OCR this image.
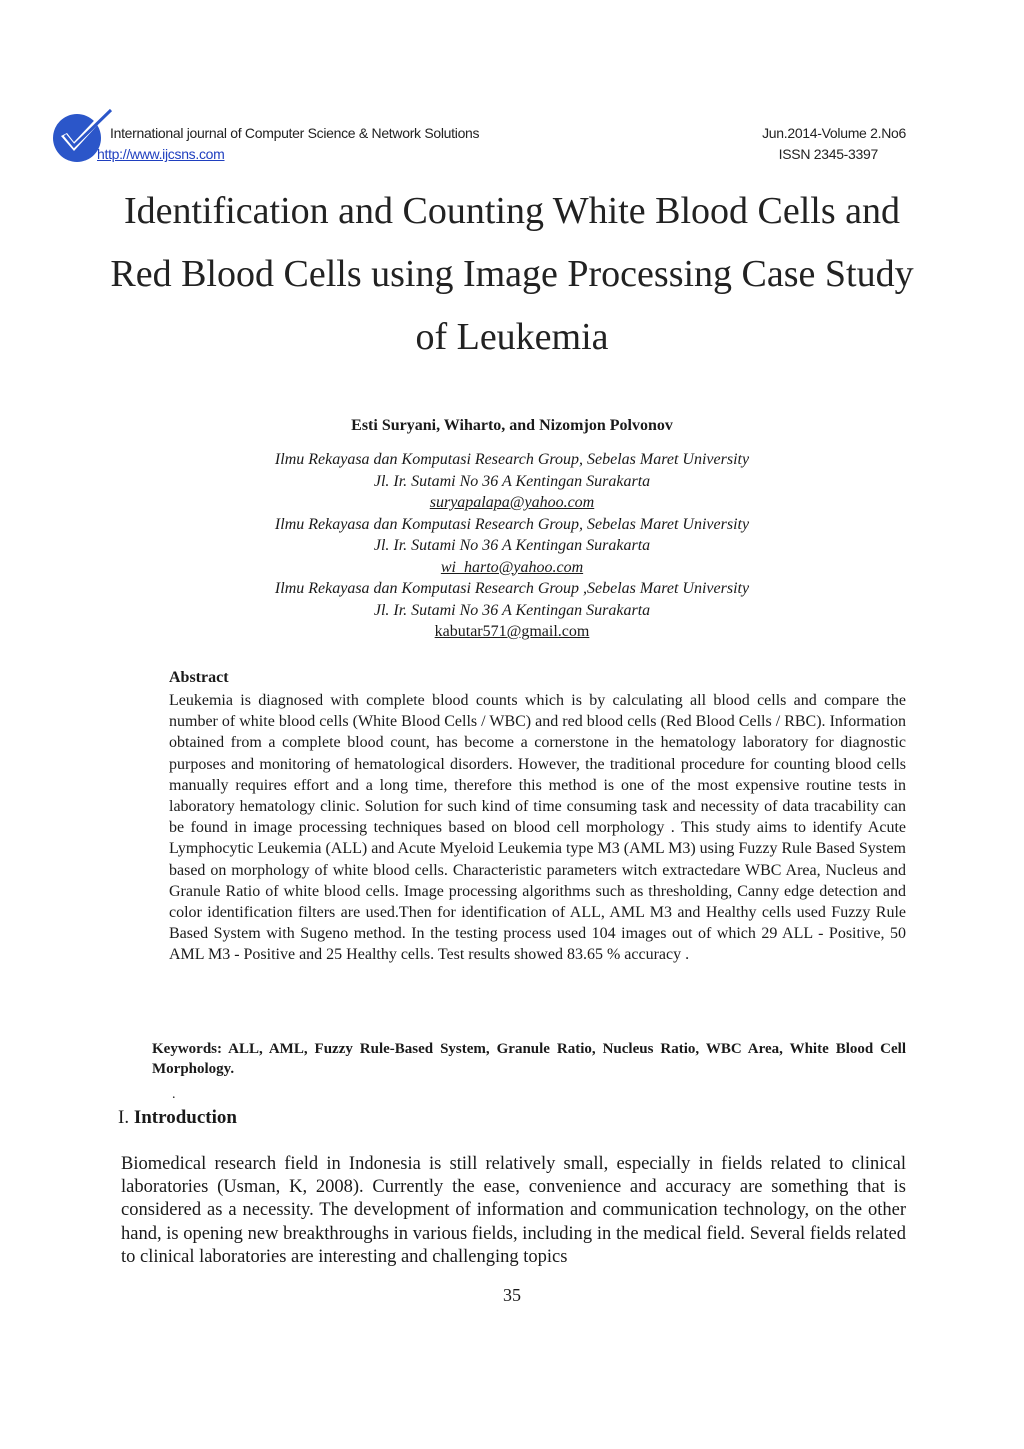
International journal of Computer Science & Network Solutions
http://www.ijcsns.com
Jun.2014-Volume 2.No6
ISSN 2345-3397
Identification and Counting White Blood Cells and
Red Blood Cells using Image Processing Case Study
of Leukemia
Esti Suryani, Wiharto, and Nizomjon Polvonov
Ilmu Rekayasa dan Komputasi Research Group, Sebelas Maret University
Jl. Ir. Sutami No 36 A Kentingan Surakarta
suryapalapa@yahoo.com
Ilmu Rekayasa dan Komputasi Research Group, Sebelas Maret University
Jl. Ir. Sutami No 36 A Kentingan Surakarta
wi_harto@yahoo.com
Ilmu Rekayasa dan Komputasi Research Group ,Sebelas Maret University
Jl. Ir. Sutami No 36 A Kentingan Surakarta
kabutar571@gmail.com
Abstract
Leukemia is diagnosed with complete blood counts which is by calculating all blood cells and compare the number of white blood cells (White Blood Cells / WBC) and red blood cells (Red Blood Cells / RBC). Information obtained from a complete blood count, has become a cornerstone in the hematology laboratory for diagnostic purposes and monitoring of hematological disorders. However, the traditional procedure for counting blood cells manually requires effort and a long time, therefore this method is one of the most expensive routine tests in laboratory hematology clinic. Solution for such kind of time consuming task and necessity of data tracability can be found in image processing techniques based on blood cell morphology . This study aims to identify Acute Lymphocytic Leukemia (ALL) and Acute Myeloid Leukemia type M3 (AML M3) using Fuzzy Rule Based System based on morphology of white blood cells. Characteristic parameters witch extractedare WBC Area, Nucleus and Granule Ratio of white blood cells. Image processing algorithms such as thresholding, Canny edge detection and color identification filters are used.Then for identification of ALL, AML M3 and Healthy cells used Fuzzy Rule Based System with Sugeno method. In the testing process used 104 images out of which 29 ALL - Positive, 50 AML M3 - Positive and 25 Healthy cells. Test results showed 83.65 % accuracy .
Keywords: ALL, AML, Fuzzy Rule-Based System, Granule Ratio, Nucleus Ratio, WBC Area, White Blood Cell Morphology.
.
I. Introduction
Biomedical research field in Indonesia is still relatively small, especially in fields related to clinical laboratories (Usman, K, 2008). Currently the ease, convenience and accuracy are something that is considered as a necessity. The development of information and communication technology, on the other hand, is opening new breakthroughs in various fields, including in the medical field. Several fields related to clinical laboratories are interesting and challenging topics
35
